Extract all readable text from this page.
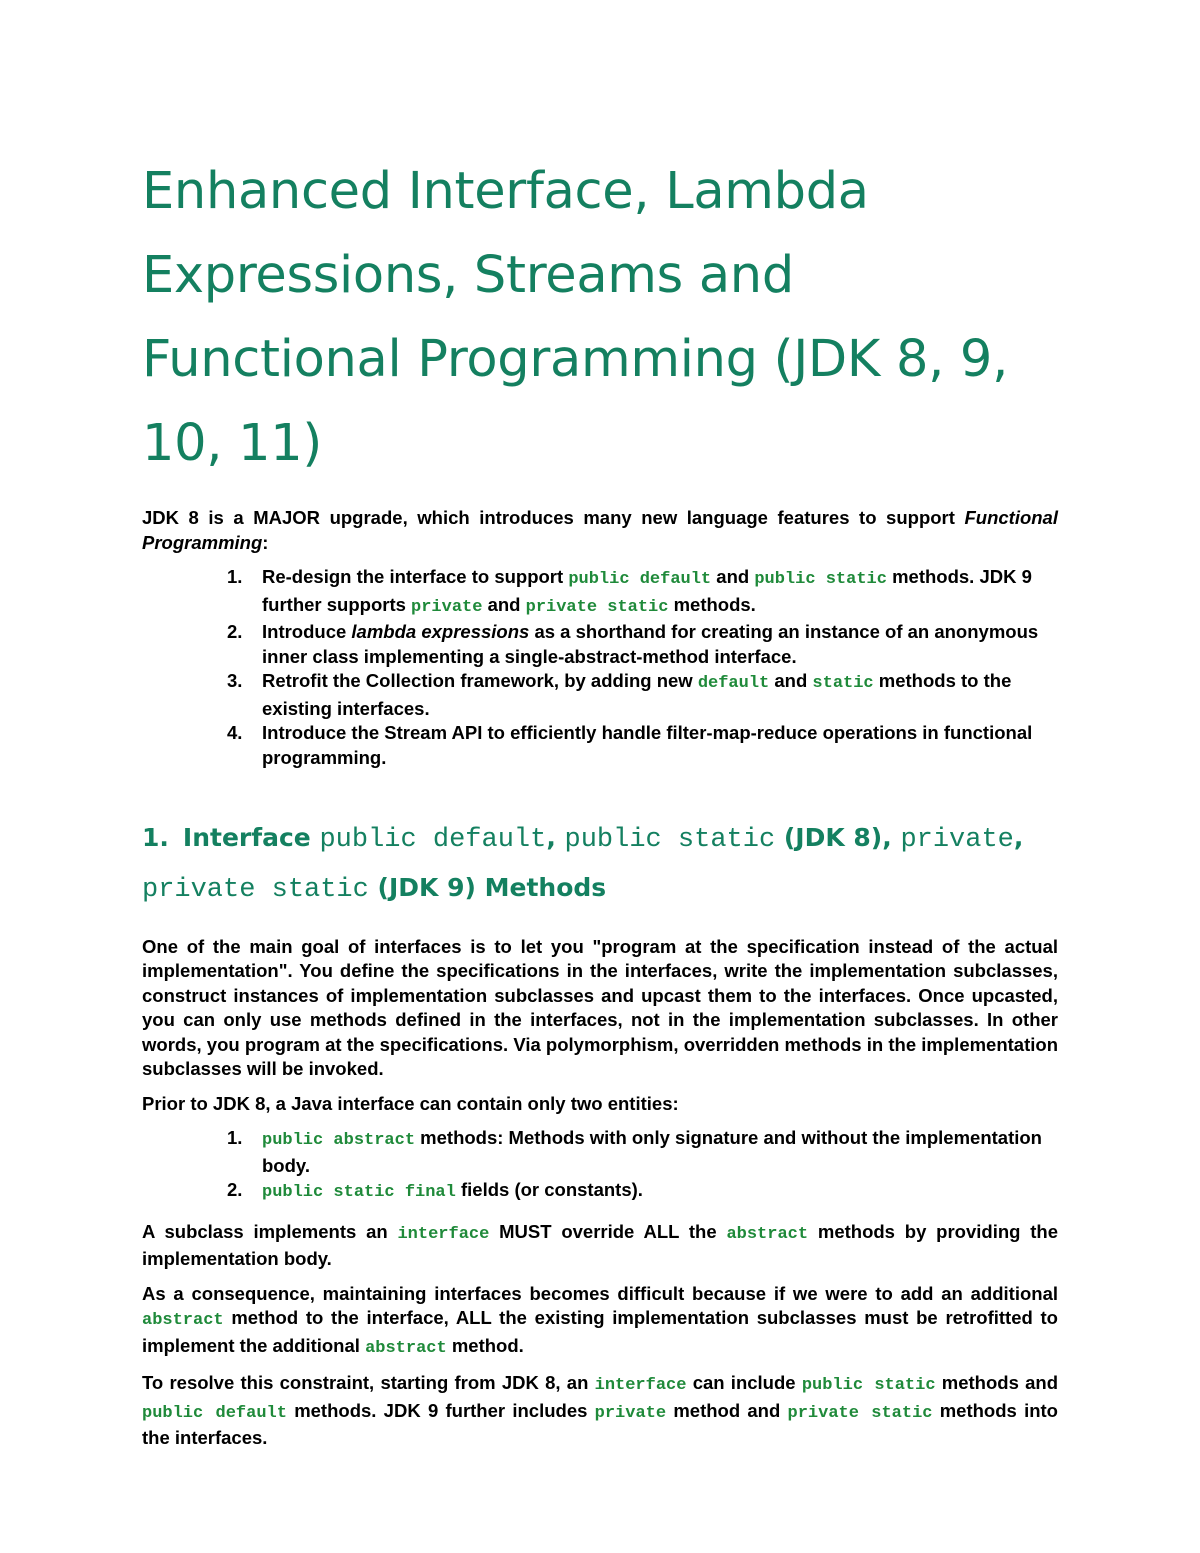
Enhanced Interface, Lambda Expressions, Streams and Functional Programming (JDK 8, 9, 10, 11)

JDK 8 is a MAJOR upgrade, which introduces many new language features to support Functional Programming:

1. Re-design the interface to support public default and public static methods. JDK 9 further supports private and private static methods.
2. Introduce lambda expressions as a shorthand for creating an instance of an anonymous inner class implementing a single-abstract-method interface.
3. Retrofit the Collection framework, by adding new default and static methods to the existing interfaces.
4. Introduce the Stream API to efficiently handle filter-map-reduce operations in functional programming.
1. Interface public default, public static (JDK 8), private, private static (JDK 9) Methods

One of the main goal of interfaces is to let you "program at the specification instead of the actual implementation". You define the specifications in the interfaces, write the implementation subclasses, construct instances of implementation subclasses and upcast them to the interfaces. Once upcasted, you can only use methods defined in the interfaces, not in the implementation subclasses. In other words, you program at the specifications. Via polymorphism, overridden methods in the implementation subclasses will be invoked.

Prior to JDK 8, a Java interface can contain only two entities:

1. public abstract methods: Methods with only signature and without the implementation body.
2. public static final fields (or constants).

A subclass implements an interface MUST override ALL the abstract methods by providing the implementation body.

As a consequence, maintaining interfaces becomes difficult because if we were to add an additional abstract method to the interface, ALL the existing implementation subclasses must be retrofitted to implement the additional abstract method.

To resolve this constraint, starting from JDK 8, an interface can include public static methods and public default methods. JDK 9 further includes private method and private static methods into the interfaces.
